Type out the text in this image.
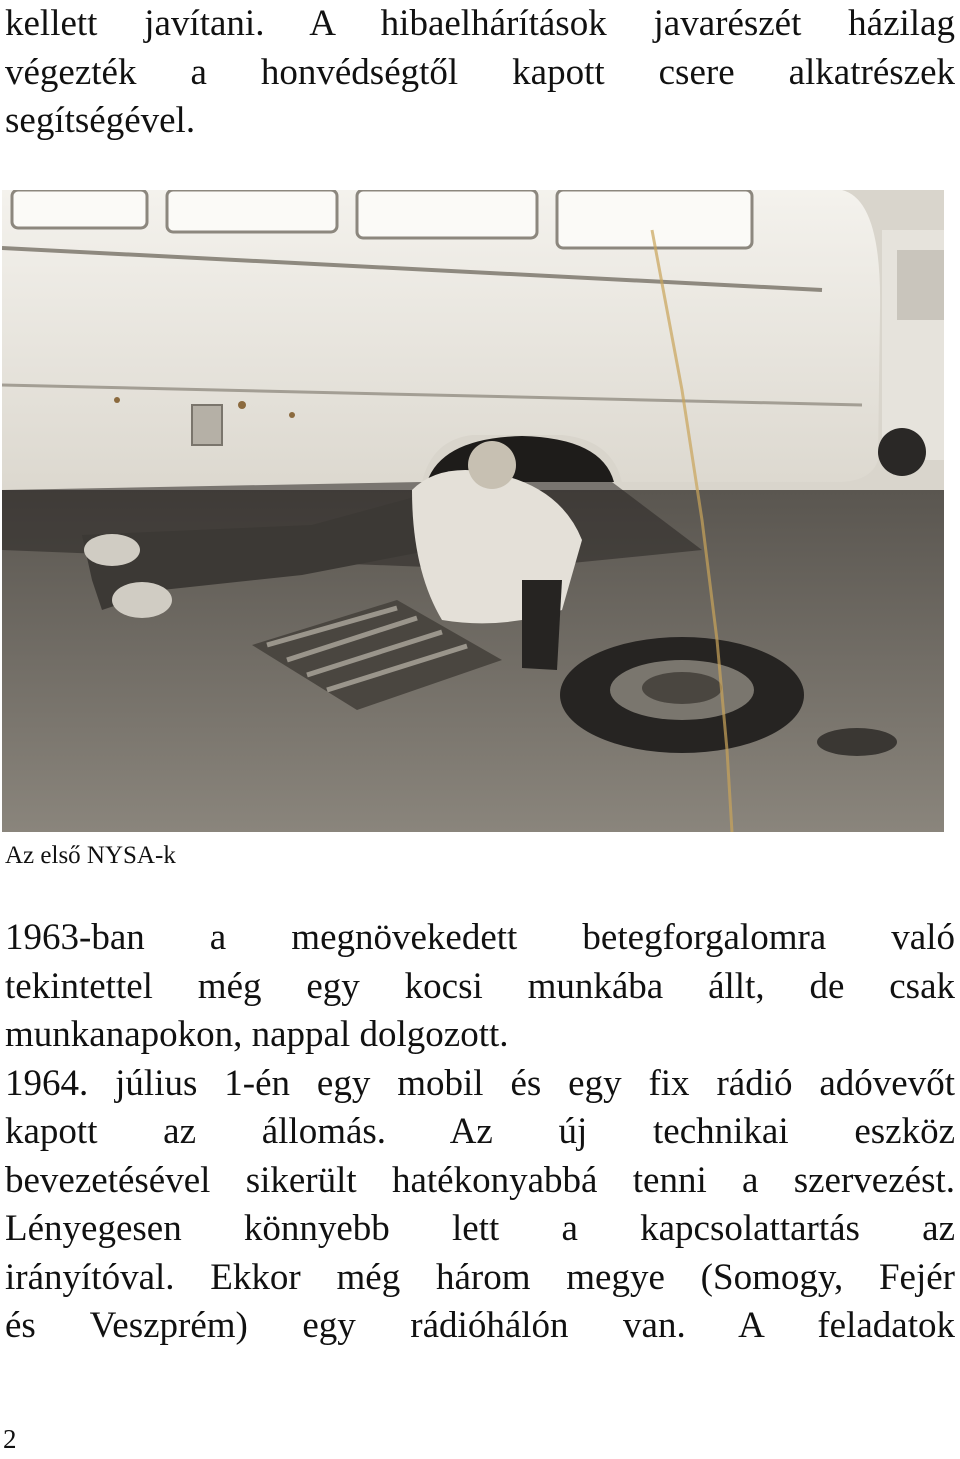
kellett javítani. A hibaelhárítások javarészét házilag
végezték a honvédségtől kapott csere alkatrészek
segítségével.
Az első NYSA-k
1963-ban a megnövekedett betegforgalomra való
tekintettel még egy kocsi munkába állt, de csak
munkanapokon, nappal dolgozott.
1964. július 1-én egy mobil és egy fix rádió adóvevőt
kapott az állomás. Az új technikai eszköz
bevezetésével sikerült hatékonyabbá tenni a szervezést.
Lényegesen könnyebb lett a kapcsolattartás az
irányítóval. Ekkor még három megye (Somogy, Fejér
és Veszprém) egy rádióhálón van. A feladatok
2
